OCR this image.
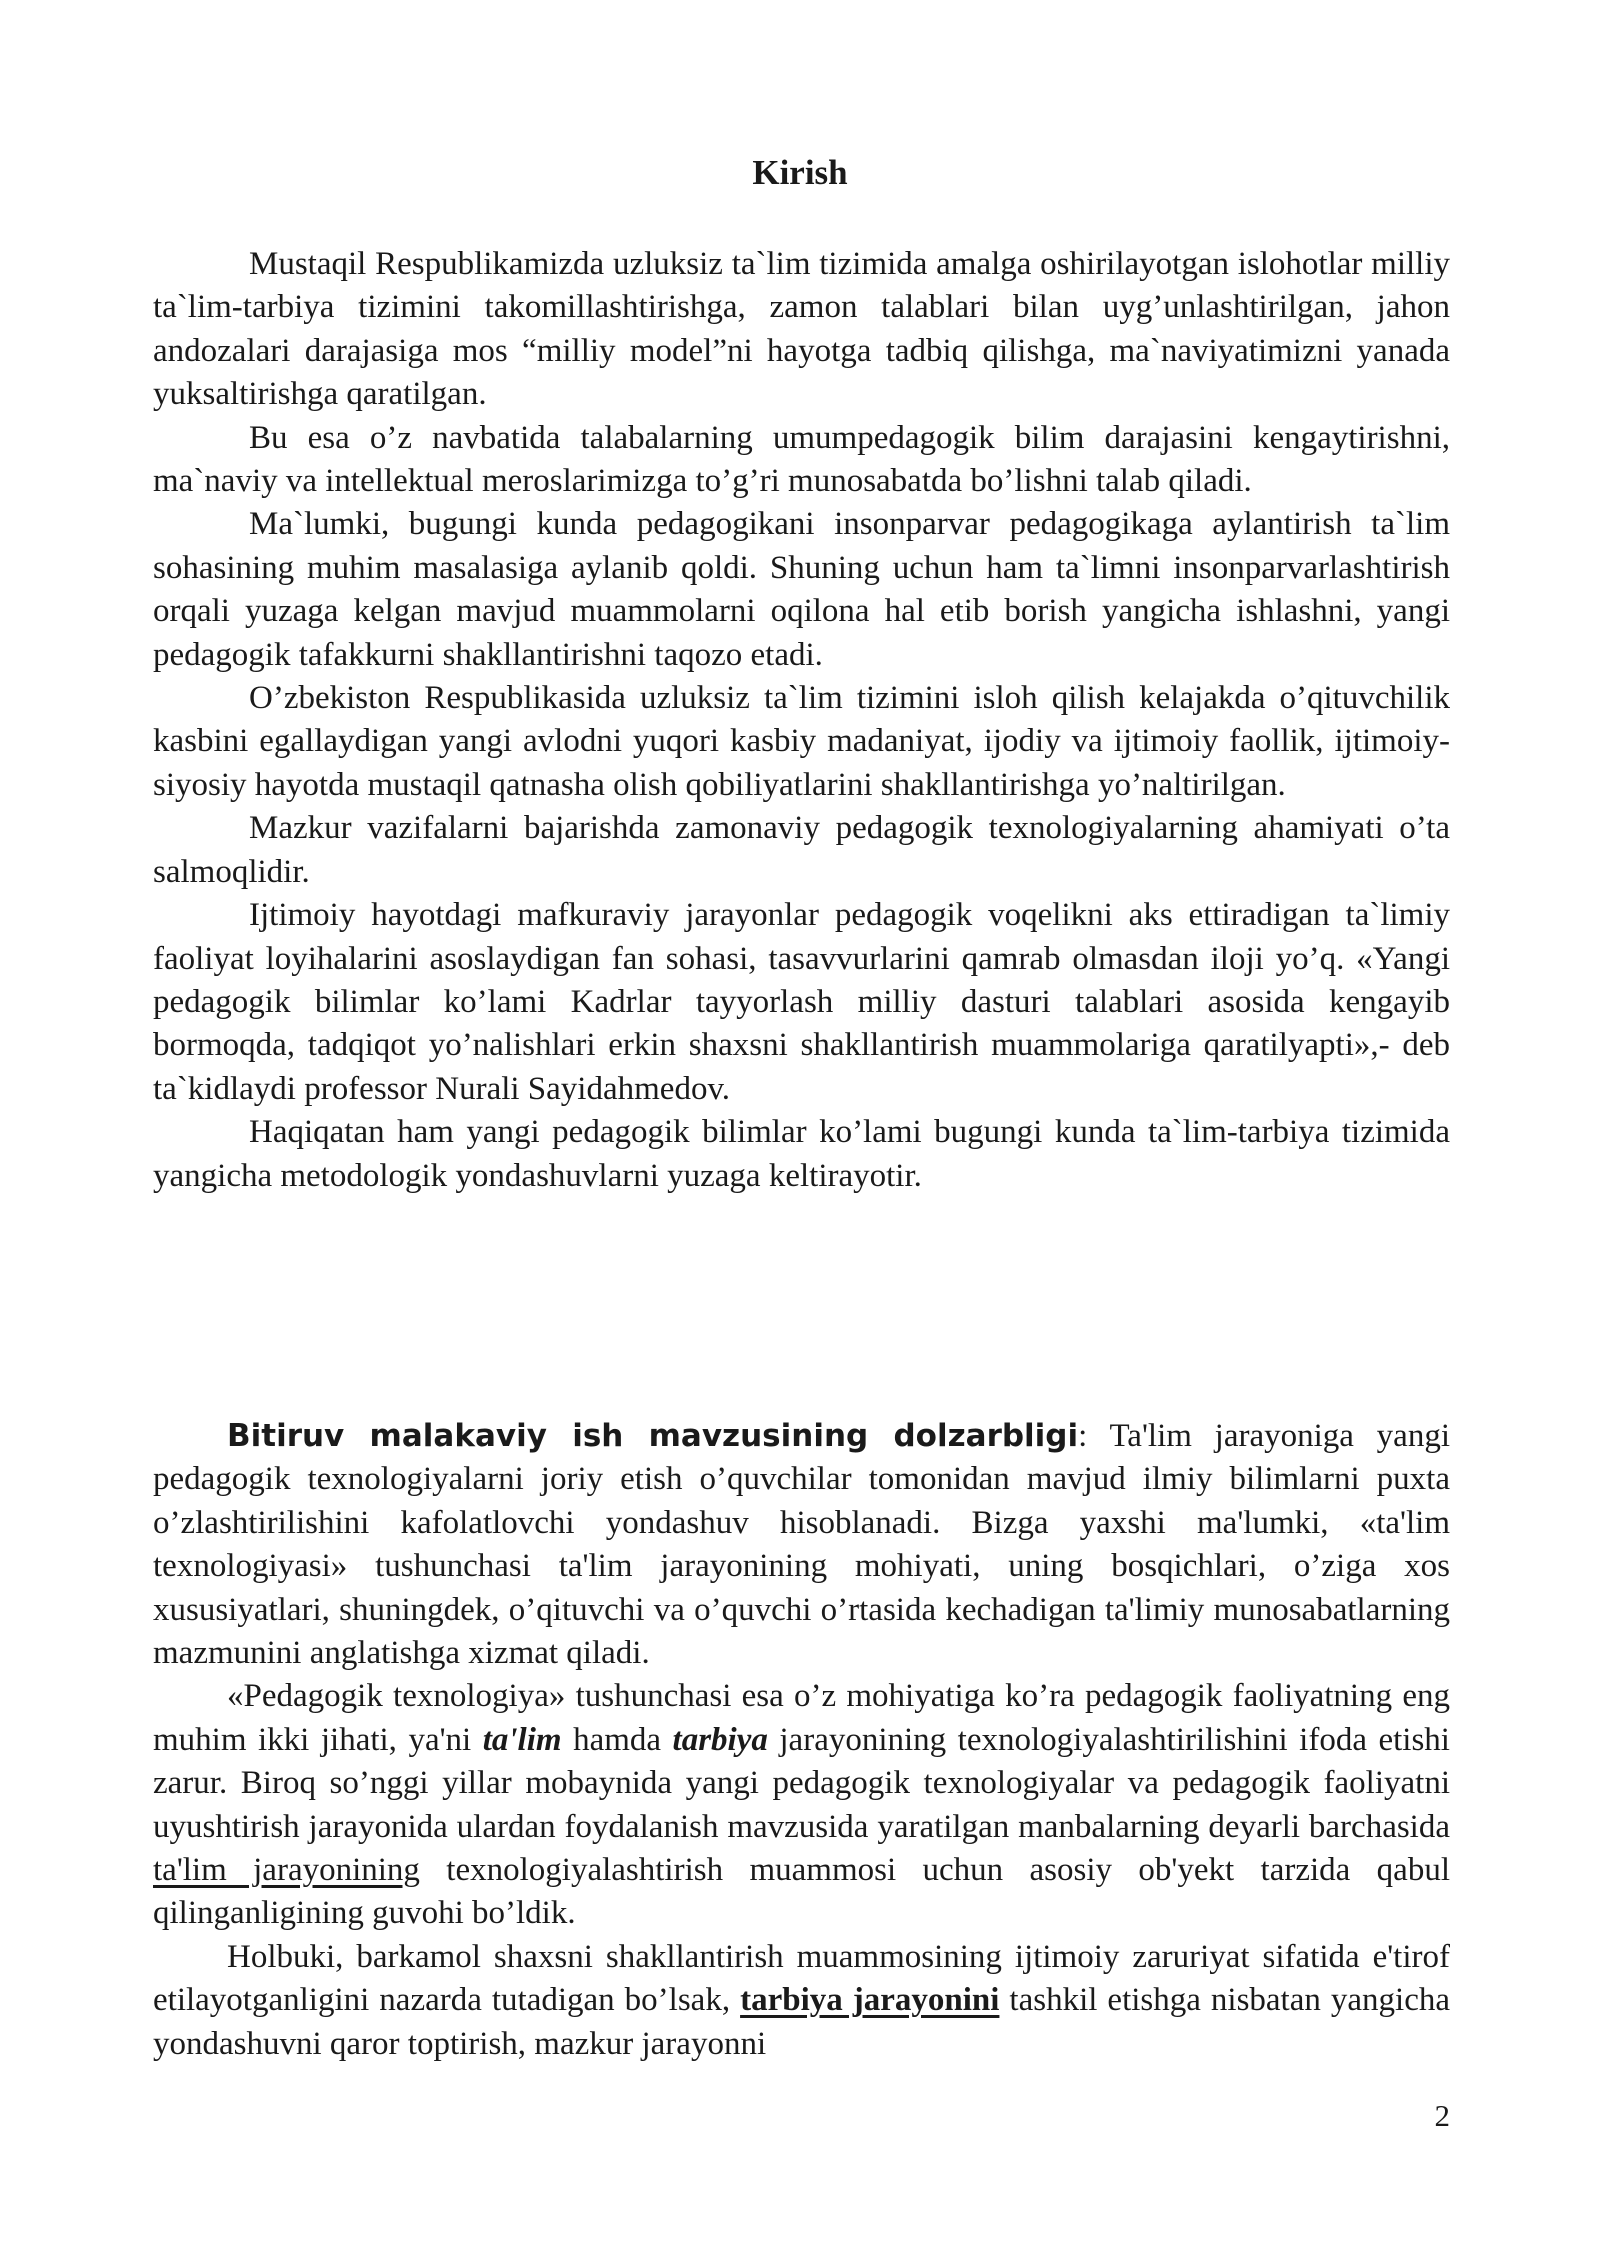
Kirish

Mustaqil Respublikamizda uzluksiz ta`lim tizimida amalga oshirilayotgan islohotlar milliy ta`lim-tarbiya tizimini takomillashtirishga, zamon talablari bilan uyg’unlashtirilgan, jahon andozalari darajasiga mos “milliy model”ni hayotga tadbiq qilishga, ma`naviyatimizni yanada yuksaltirishga qaratilgan.

Bu esa o’z navbatida talabalarning umumpedagogik bilim darajasini kengaytirishni, ma`naviy va intellektual meroslarimizga to’g’ri munosabatda bo’lishni talab qiladi.

Ma`lumki, bugungi kunda pedagogikani insonparvar pedagogikaga aylantirish ta`lim sohasining muhim masalasiga aylanib qoldi. Shuning uchun ham ta`limni insonparvarlashtirish orqali yuzaga kelgan mavjud muammolarni oqilona hal etib borish yangicha ishlashni, yangi pedagogik tafakkurni shakllantirishni taqozo etadi.

O’zbekiston Respublikasida uzluksiz ta`lim tizimini isloh qilish kelajakda o’qituvchilik kasbini egallaydigan yangi avlodni yuqori kasbiy madaniyat, ijodiy va ijtimoiy faollik, ijtimoiy-siyosiy hayotda mustaqil qatnasha olish qobiliyatlarini shakllantirishga yo’naltirilgan.

Mazkur vazifalarni bajarishda zamonaviy pedagogik texnologiyalarning ahamiyati o’ta salmoqlidir.

Ijtimoiy hayotdagi mafkuraviy jarayonlar pedagogik voqelikni aks ettiradigan ta`limiy faoliyat loyihalarini asoslaydigan fan sohasi, tasavvurlarini qamrab olmasdan iloji yo’q. «Yangi pedagogik bilimlar ko’lami Kadrlar tayyorlash milliy dasturi talablari asosida kengayib bormoqda, tadqiqot yo’nalishlari erkin shaxsni shakllantirish muammolariga qaratilyapti»,- deb ta`kidlaydi professor Nurali Sayidahmedov.

Haqiqatan ham yangi pedagogik bilimlar ko’lami bugungi kunda ta`lim-tarbiya tizimida yangicha metodologik yondashuvlarni yuzaga keltirayotir.

Bitiruv malakaviy ish mavzusining dolzarbligi: Ta'lim jarayoniga yangi pedagogik texnologiyalarni joriy etish o’quvchilar tomonidan mavjud ilmiy bilimlarni puxta o’zlashtirilishini kafolatlovchi yondashuv hisoblanadi. Bizga yaxshi ma'lumki, «ta'lim texnologiyasi» tushunchasi ta'lim jarayonining mohiyati, uning bosqichlari, o’ziga xos xususiyatlari, shuningdek, o’qituvchi va o’quvchi o’rtasida kechadigan ta'limiy munosabatlarning mazmunini anglatishga xizmat qiladi.

«Pedagogik texnologiya» tushunchasi esa o’z mohiyatiga ko’ra pedagogik faoliyatning eng muhim ikki jihati, ya'ni ta'lim hamda tarbiya jarayonining texnologiyalashtirilishini ifoda etishi zarur. Biroq so’nggi yillar mobaynida yangi pedagogik texnologiyalar va pedagogik faoliyatni uyushtirish jarayonida ulardan foydalanish mavzusida yaratilgan manbalarning deyarli barchasida ta'lim jarayonining texnologiyalashtirish muammosi uchun asosiy ob'yekt tarzida qabul qilinganligining guvohi bo’ldik.

Holbuki, barkamol shaxsni shakllantirish muammosining ijtimoiy zaruriyat sifatida e'tirof etilayotganligini nazarda tutadigan bo’lsak, tarbiya jarayonini tashkil etishga nisbatan yangicha yondashuvni qaror toptirish, mazkur jarayonni

2
